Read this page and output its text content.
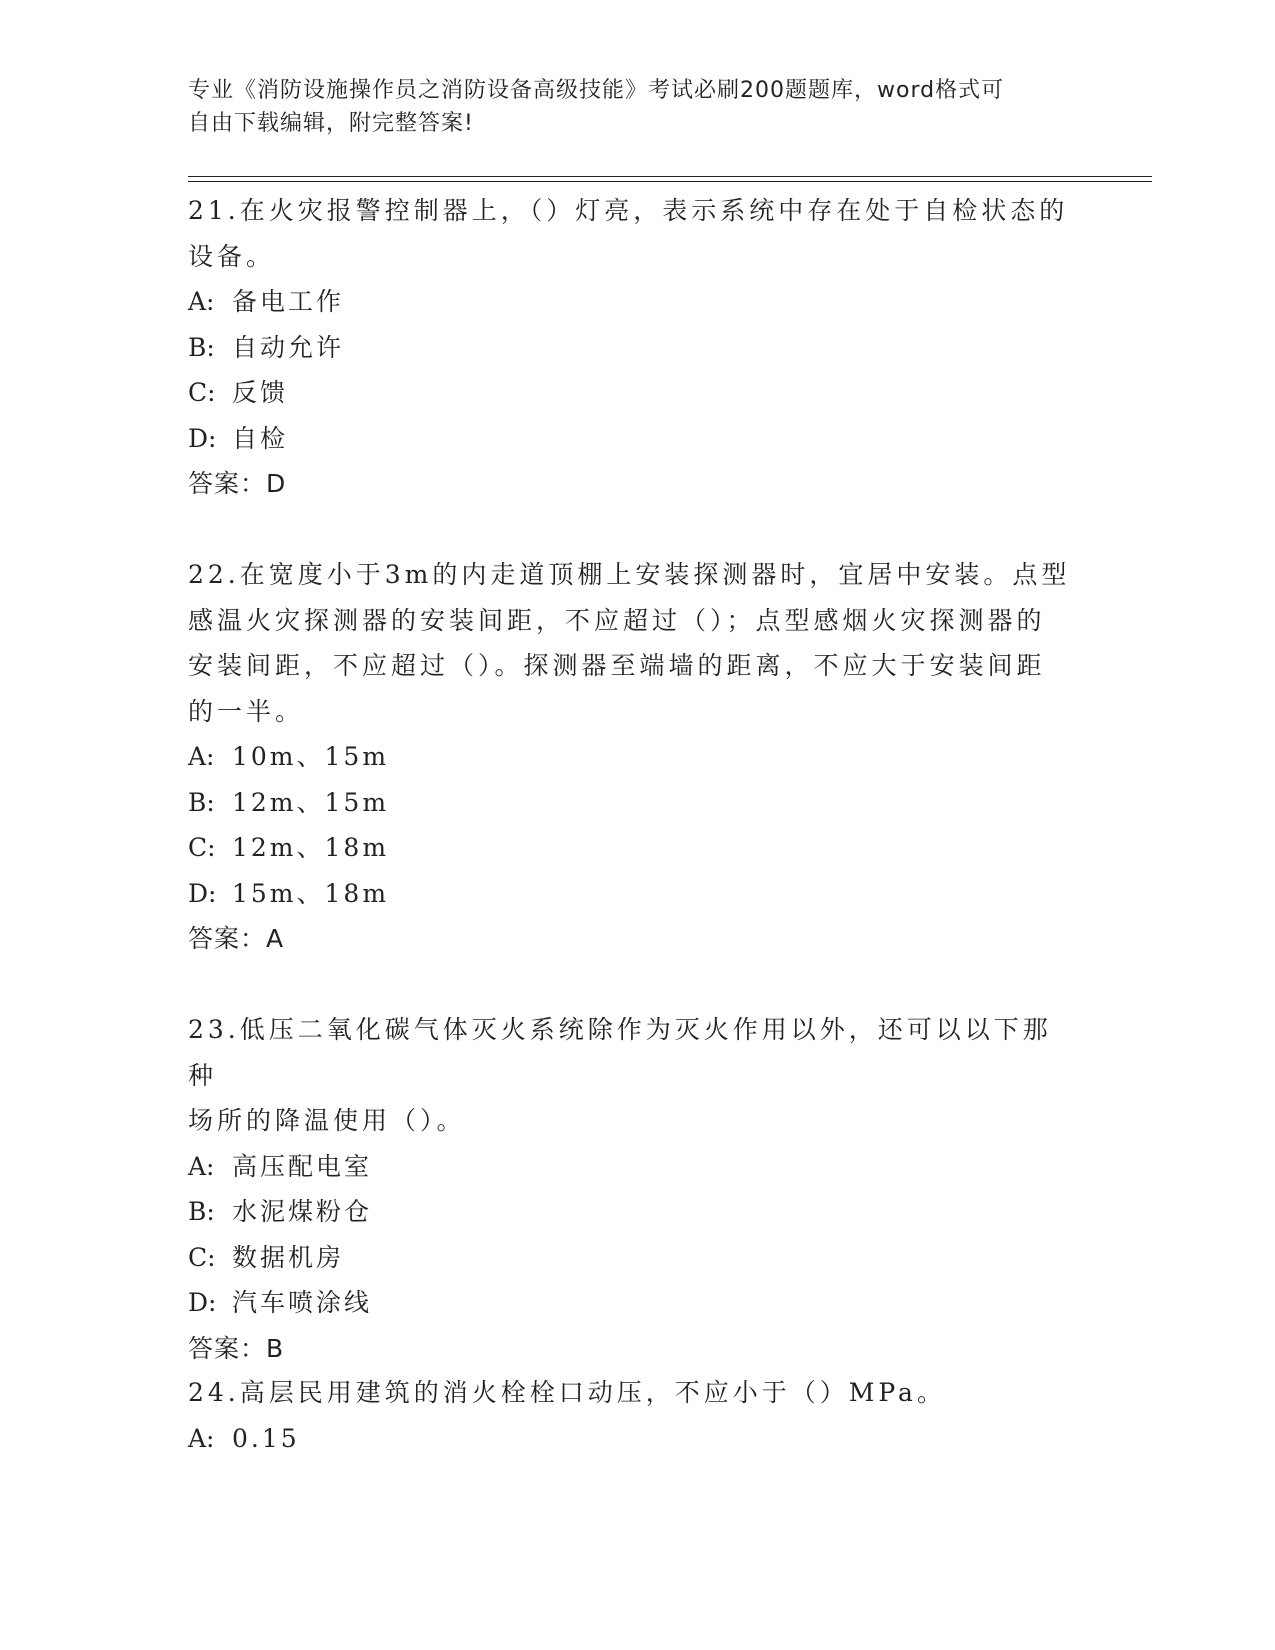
专业《消防设施操作员之消防设备高级技能》考试必刷200题题库，word格式可
自由下载编辑，附完整答案!

21.在火灾报警控制器上，（）灯亮，表示系统中存在处于自检状态的
设备。

A: 备电工作

B: 自动允许

C: 反馈

D: 自检

答案：D

22.在宽度小于3m的内走道顶棚上安装探测器时，宜居中安装。点型
感温火灾探测器的安装间距，不应超过（）；点型感烟火灾探测器的
安装间距，不应超过（）。探测器至端墙的距离，不应大于安装间距
的一半。

A: 10m、15m

B: 12m、15m

C: 12m、18m

D: 15m、18m

答案：A

23.低压二氧化碳气体灭火系统除作为灭火作用以外，还可以以下那种
场所的降温使用（）。

A: 高压配电室

B: 水泥煤粉仓

C: 数据机房

D: 汽车喷涂线

答案：B

24.高层民用建筑的消火栓栓口动压，不应小于（）MPa。

A: 0.15
